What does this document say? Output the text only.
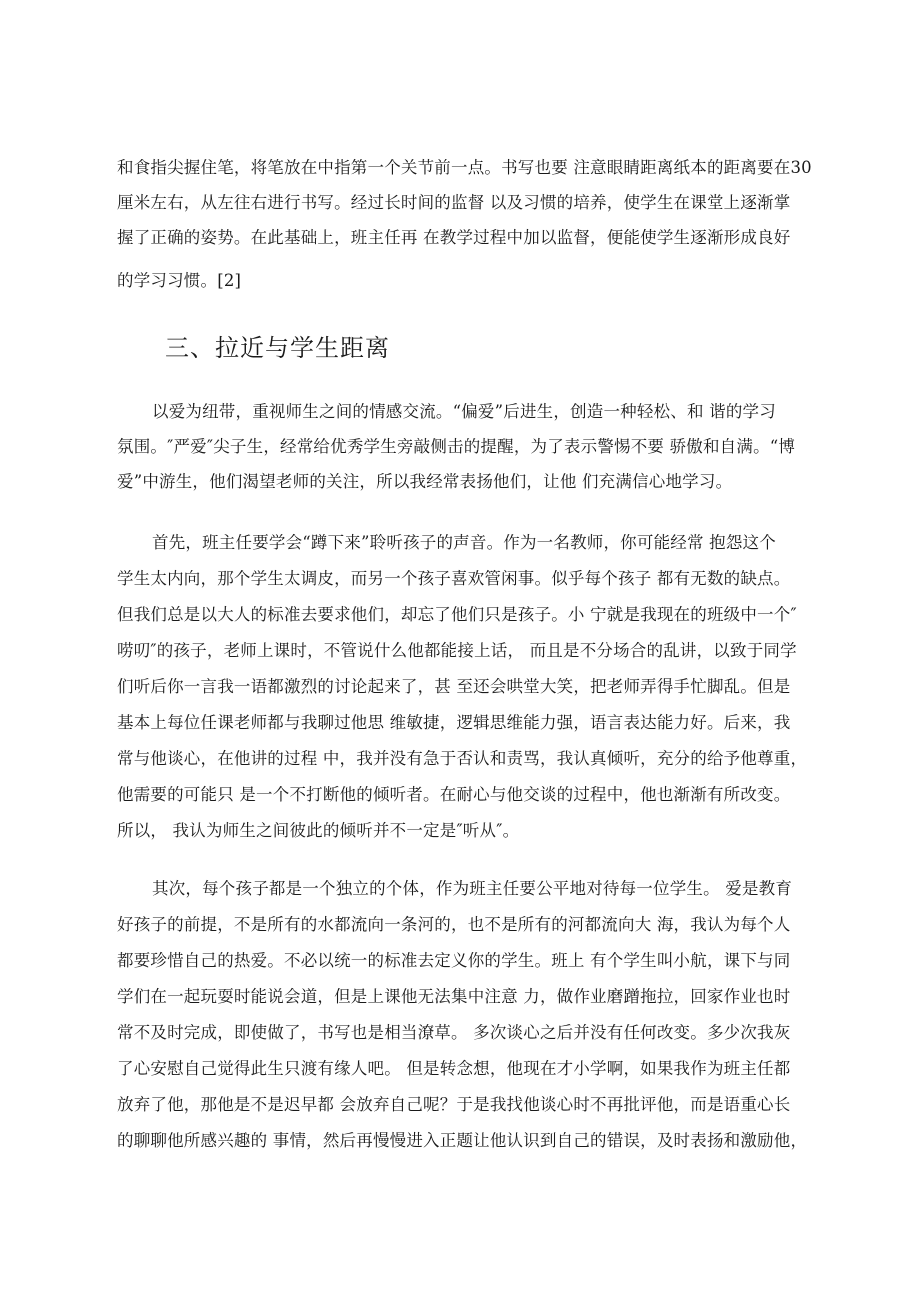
和食指尖握住笔，将笔放在中指第一个关节前一点。书写也要 注意眼睛距离纸本的距离要在30
厘米左右，从左往右进行书写。经过长时间的监督 以及习惯的培养，使学生在课堂上逐渐掌
握了正确的姿势。在此基础上，班主任再 在教学过程中加以监督，便能使学生逐渐形成良好
的学习习惯。[2]
三、拉近与学生距离
以爱为纽带，重视师生之间的情感交流。“偏爱”后进生，创造一种轻松、和 谐的学习
氛围。″严爱″尖子生，经常给优秀学生旁敲侧击的提醒，为了表示警惕不要 骄傲和自满。“博
爱”中游生，他们渴望老师的关注，所以我经常表扬他们，让他 们充满信心地学习。
首先，班主任要学会“蹲下来”聆听孩子的声音。作为一名教师，你可能经常 抱怨这个
学生太内向，那个学生太调皮，而另一个孩子喜欢管闲事。似乎每个孩子 都有无数的缺点。
但我们总是以大人的标准去要求他们，却忘了他们只是孩子。小 宁就是我现在的班级中一个″
唠叨″的孩子，老师上课时，不管说什么他都能接上话， 而且是不分场合的乱讲，以致于同学
们听后你一言我一语都激烈的讨论起来了，甚 至还会哄堂大笑，把老师弄得手忙脚乱。但是
基本上每位任课老师都与我聊过他思 维敏捷，逻辑思维能力强，语言表达能力好。后来，我
常与他谈心，在他讲的过程 中，我并没有急于否认和责骂，我认真倾听，充分的给予他尊重，
他需要的可能只 是一个不打断他的倾听者。在耐心与他交谈的过程中，他也渐渐有所改变。
所以， 我认为师生之间彼此的倾听并不一定是″听从″。
其次，每个孩子都是一个独立的个体，作为班主任要公平地对待每一位学生。 爱是教育
好孩子的前提，不是所有的水都流向一条河的，也不是所有的河都流向大 海，我认为每个人
都要珍惜自己的热爱。不必以统一的标准去定义你的学生。班上 有个学生叫小航，课下与同
学们在一起玩耍时能说会道，但是上课他无法集中注意 力，做作业磨蹭拖拉，回家作业也时
常不及时完成，即使做了，书写也是相当潦草。 多次谈心之后并没有任何改变。多少次我灰
了心安慰自己觉得此生只渡有缘人吧。 但是转念想，他现在才小学啊，如果我作为班主任都
放弃了他，那他是不是迟早都 会放弃自己呢？于是我找他谈心时不再批评他，而是语重心长
的聊聊他所感兴趣的 事情，然后再慢慢进入正题让他认识到自己的错误，及时表扬和激励他，
